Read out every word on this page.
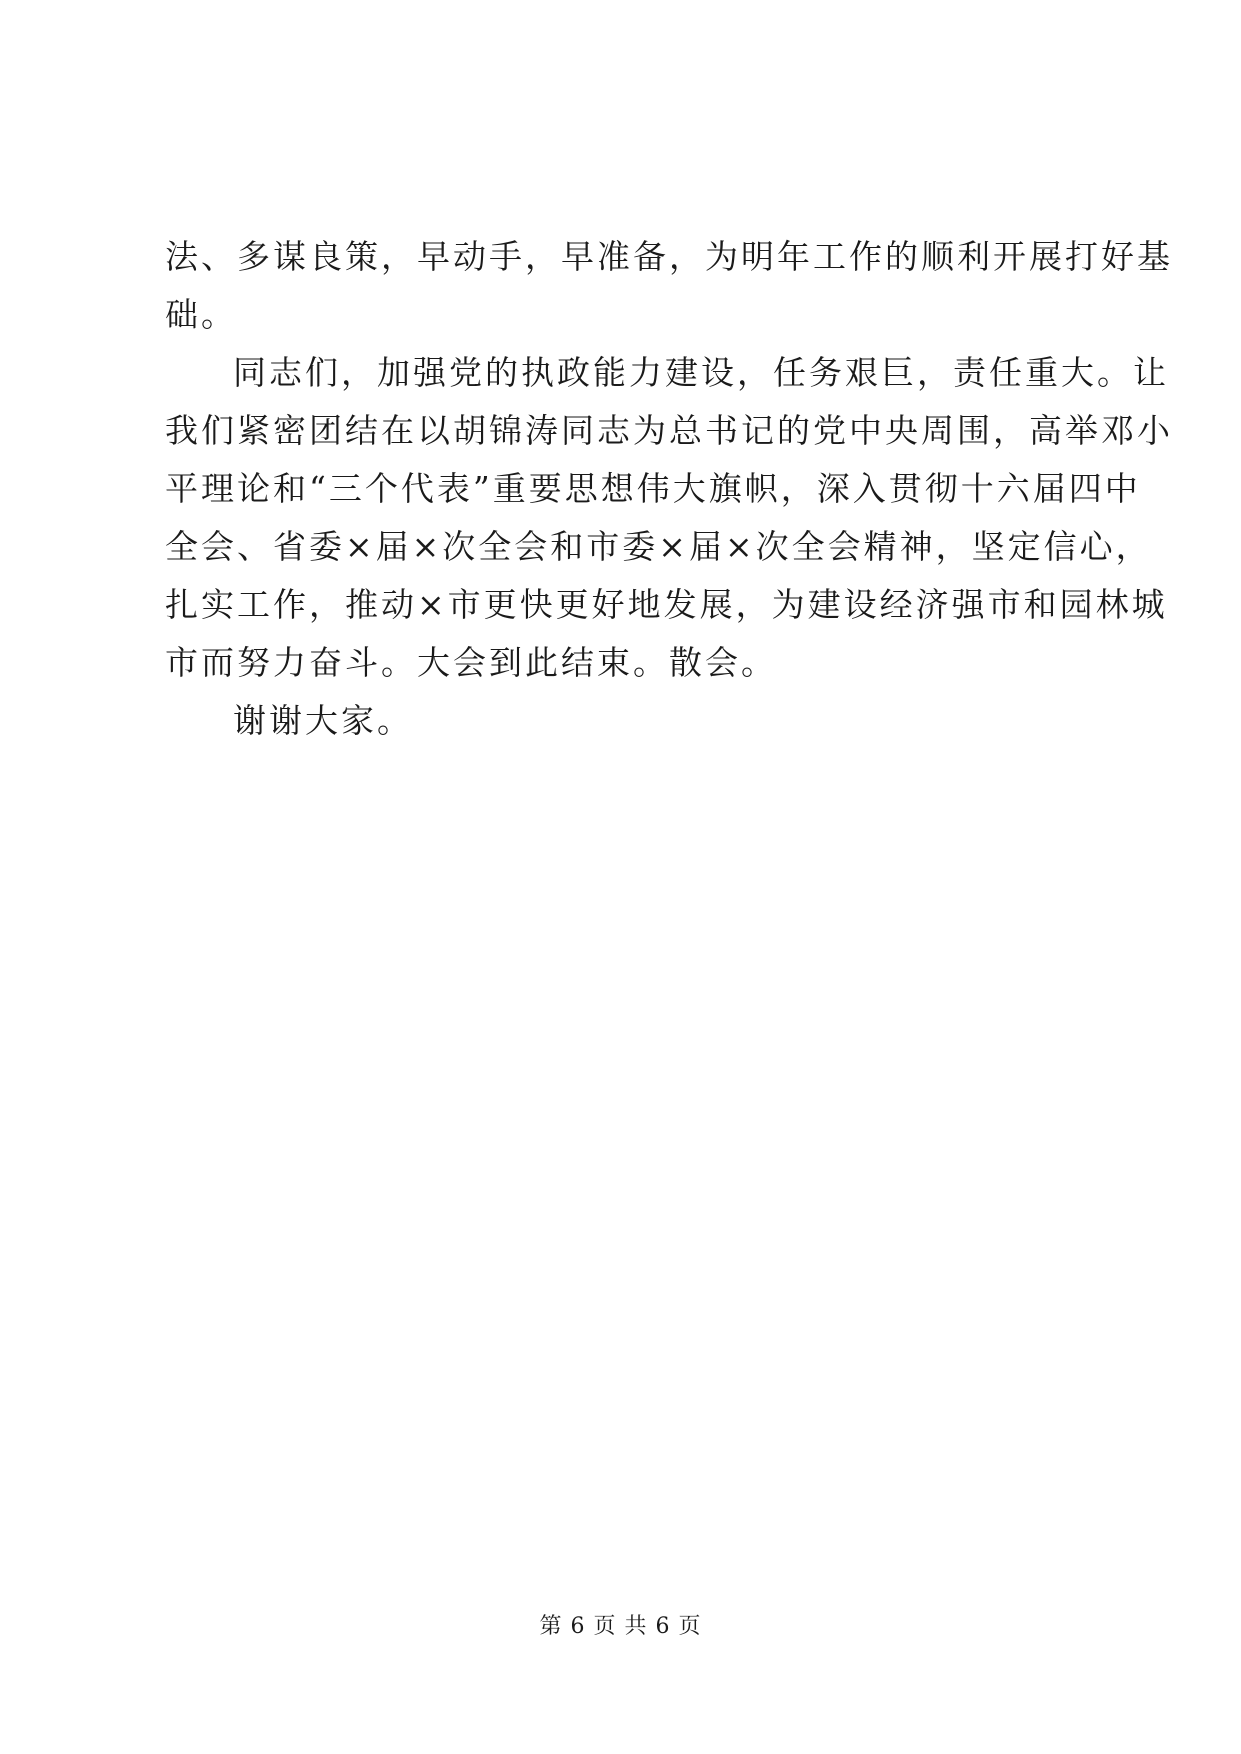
法、多谋良策，早动手，早准备，为明年工作的顺利开展打好基
础。
同志们，加强党的执政能力建设，任务艰巨，责任重大。让
我们紧密团结在以胡锦涛同志为总书记的党中央周围，高举邓小
平理论和“三个代表”重要思想伟大旗帜，深入贯彻十六届四中
全会、省委×届×次全会和市委×届×次全会精神，坚定信心，
扎实工作，推动×市更快更好地发展，为建设经济强市和园林城
市而努力奋斗。大会到此结束。散会。
谢谢大家。
第 6 页 共 6 页
